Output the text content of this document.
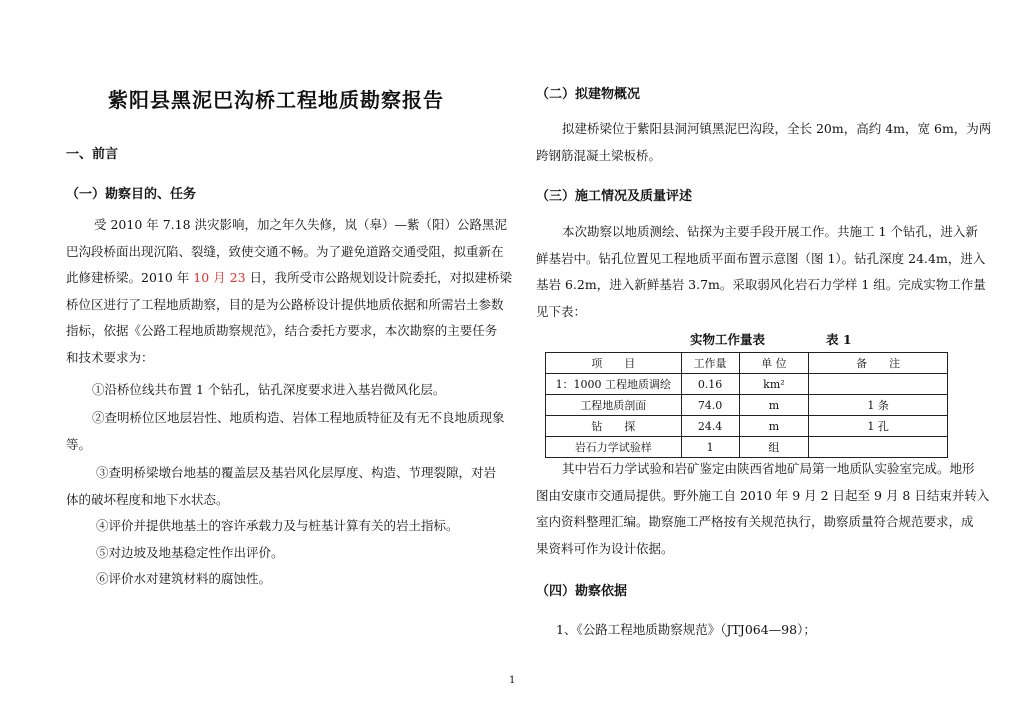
紫阳县黑泥巴沟桥工程地质勘察报告
一、前言
（一）勘察目的、任务
受 2010 年 7.18 洪灾影响，加之年久失修，岚（皋）—紫（阳）公路黑泥
巴沟段桥面出现沉陷、裂缝，致使交通不畅。为了避免道路交通受阻，拟重新在
此修建桥梁。2010 年 10 月 23 日，我所受市公路规划设计院委托，对拟建桥梁
桥位区进行了工程地质勘察，目的是为公路桥设计提供地质依据和所需岩土参数
指标，依据《公路工程地质勘察规范》，结合委托方要求，本次勘察的主要任务
和技术要求为：
①沿桥位线共布置 1 个钻孔，钻孔深度要求进入基岩微风化层。
②查明桥位区地层岩性、地质构造、岩体工程地质特征及有无不良地质现象
等。
③查明桥梁墩台地基的覆盖层及基岩风化层厚度、构造、节理裂隙，对岩
体的破坏程度和地下水状态。
④评价并提供地基土的容许承载力及与桩基计算有关的岩土指标。
⑤对边坡及地基稳定性作出评价。
⑥评价水对建筑材料的腐蚀性。
（二）拟建物概况
拟建桥梁位于紫阳县洞河镇黑泥巴沟段，全长 20m，高约 4m，宽 6m，为两
跨钢筋混凝土梁板桥。
（三）施工情况及质量评述
本次勘察以地质测绘、钻探为主要手段开展工作。共施工 1 个钻孔，进入新
鲜基岩中。钻孔位置见工程地质平面布置示意图（图 1）。钻孔深度 24.4m，进入
基岩 6.2m，进入新鲜基岩 3.7m。采取弱风化岩石力学样 1 组。完成实物工作量
见下表：
实物工作量表	表 1
项　　目	工作量	单 位	备　　注
1：1000 工程地质调绘	0.16	km²	
工程地质剖面	74.0	m	1 条
钻　　探	24.4	m	1 孔
岩石力学试验样	1	组	
其中岩石力学试验和岩矿鉴定由陕西省地矿局第一地质队实验室完成。地形
图由安康市交通局提供。野外施工自 2010 年 9 月 2 日起至 9 月 8 日结束并转入
室内资料整理汇编。勘察施工严格按有关规范执行，勘察质量符合规范要求，成
果资料可作为设计依据。
（四）勘察依据
1、《公路工程地质勘察规范》（JTJ064—98）；
1
